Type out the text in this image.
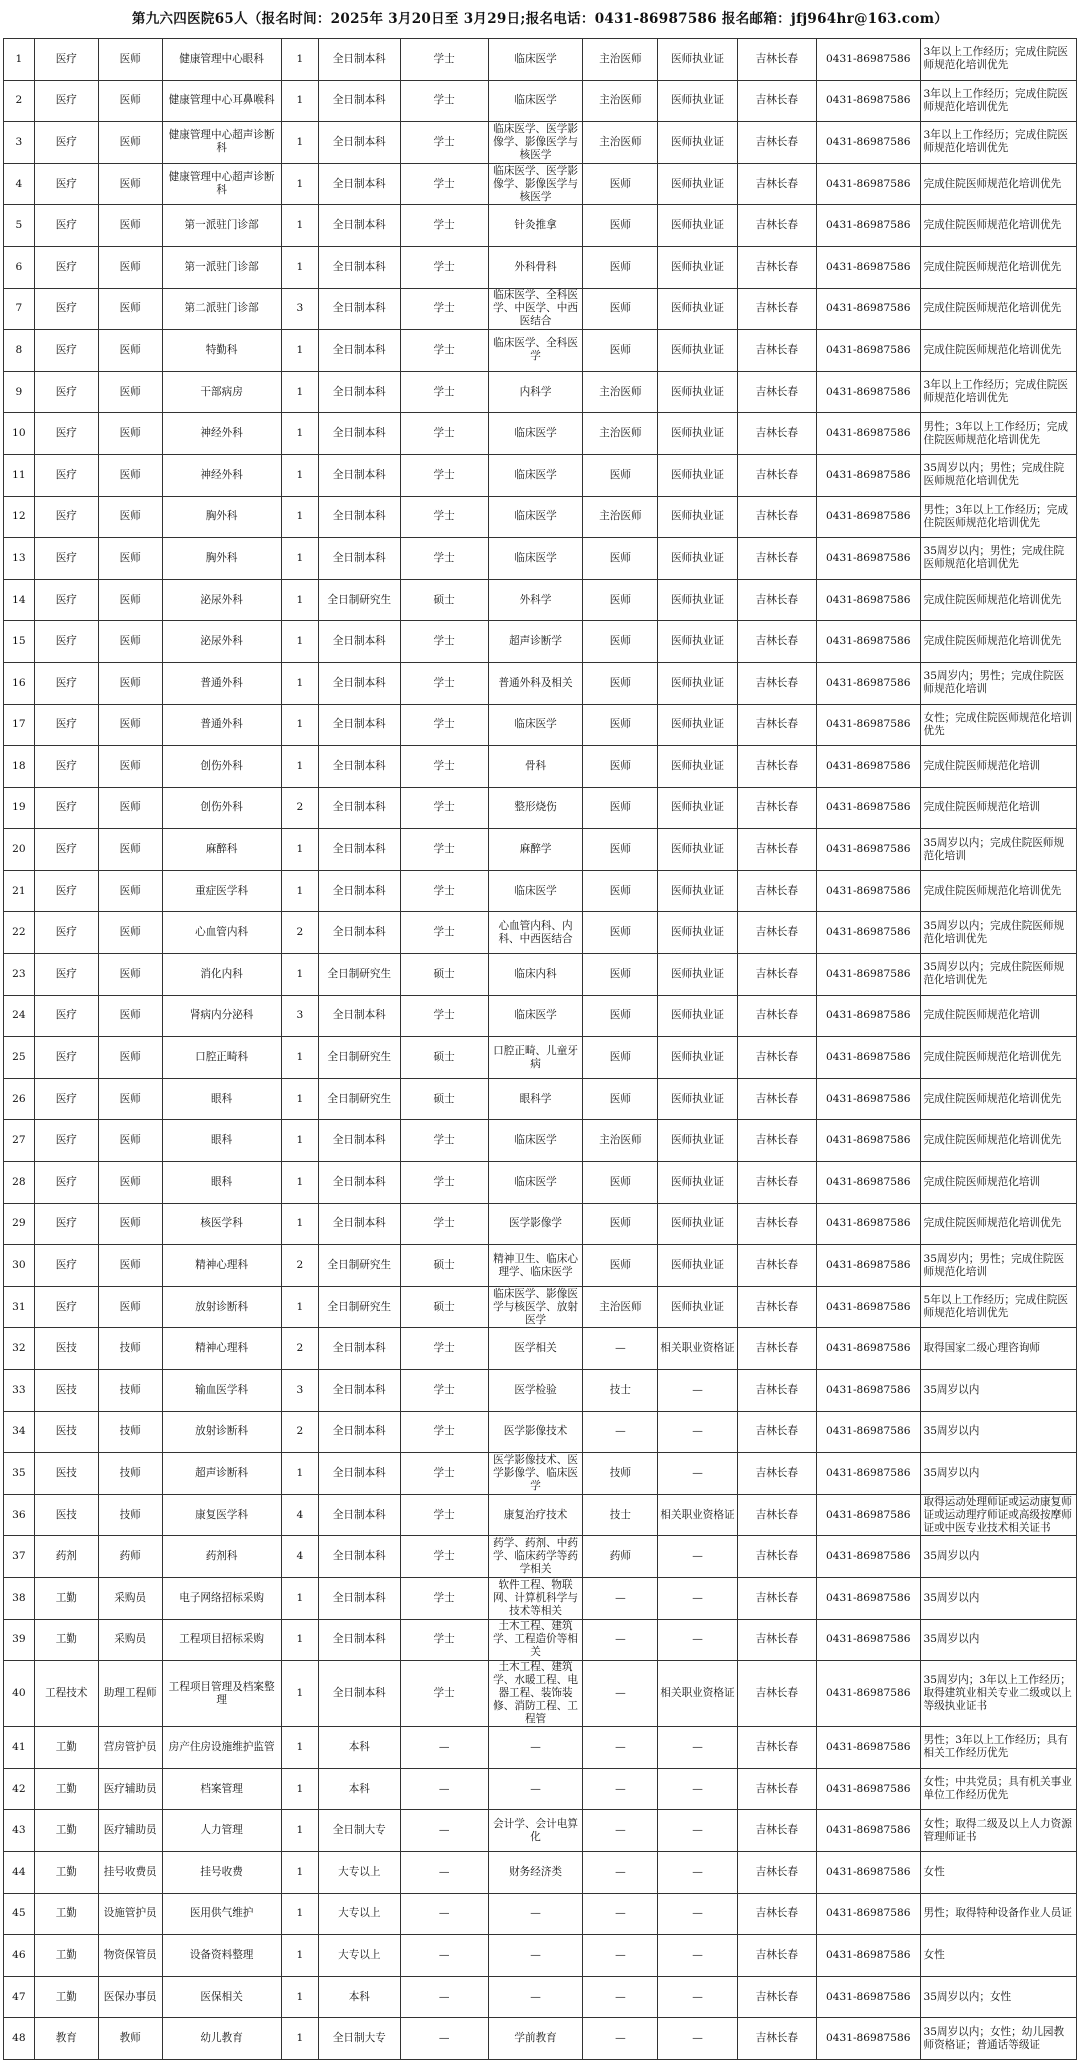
第九六四医院65人（报名时间：2025年 3月20日至 3月29日;报名电话：0431-86987586 报名邮箱：jfj964hr@163.com）
1	医疗	医师	健康管理中心眼科	1	全日制本科	学士	临床医学	主治医师	医师执业证	吉林长春	0431-86987586	3年以上工作经历；完成住院医师规范化培训优先
2	医疗	医师	健康管理中心耳鼻喉科	1	全日制本科	学士	临床医学	主治医师	医师执业证	吉林长春	0431-86987586	3年以上工作经历；完成住院医师规范化培训优先
3	医疗	医师	健康管理中心超声诊断科	1	全日制本科	学士	临床医学、医学影像学、影像医学与核医学	主治医师	医师执业证	吉林长春	0431-86987586	3年以上工作经历；完成住院医师规范化培训优先
4	医疗	医师	健康管理中心超声诊断科	1	全日制本科	学士	临床医学、医学影像学、影像医学与核医学	医师	医师执业证	吉林长春	0431-86987586	完成住院医师规范化培训优先
5	医疗	医师	第一派驻门诊部	1	全日制本科	学士	针灸推拿	医师	医师执业证	吉林长春	0431-86987586	完成住院医师规范化培训优先
6	医疗	医师	第一派驻门诊部	1	全日制本科	学士	外科骨科	医师	医师执业证	吉林长春	0431-86987586	完成住院医师规范化培训优先
7	医疗	医师	第二派驻门诊部	3	全日制本科	学士	临床医学、全科医学、中医学、中西医结合	医师	医师执业证	吉林长春	0431-86987586	完成住院医师规范化培训优先
8	医疗	医师	特勤科	1	全日制本科	学士	临床医学、全科医学	医师	医师执业证	吉林长春	0431-86987586	完成住院医师规范化培训优先
9	医疗	医师	干部病房	1	全日制本科	学士	内科学	主治医师	医师执业证	吉林长春	0431-86987586	3年以上工作经历；完成住院医师规范化培训优先
10	医疗	医师	神经外科	1	全日制本科	学士	临床医学	主治医师	医师执业证	吉林长春	0431-86987586	男性；3年以上工作经历；完成住院医师规范化培训优先
11	医疗	医师	神经外科	1	全日制本科	学士	临床医学	医师	医师执业证	吉林长春	0431-86987586	35周岁以内；男性；完成住院医师规范化培训优先
12	医疗	医师	胸外科	1	全日制本科	学士	临床医学	主治医师	医师执业证	吉林长春	0431-86987586	男性；3年以上工作经历；完成住院医师规范化培训优先
13	医疗	医师	胸外科	1	全日制本科	学士	临床医学	医师	医师执业证	吉林长春	0431-86987586	35周岁以内；男性；完成住院医师规范化培训优先
14	医疗	医师	泌尿外科	1	全日制研究生	硕士	外科学	医师	医师执业证	吉林长春	0431-86987586	完成住院医师规范化培训优先
15	医疗	医师	泌尿外科	1	全日制本科	学士	超声诊断学	医师	医师执业证	吉林长春	0431-86987586	完成住院医师规范化培训优先
16	医疗	医师	普通外科	1	全日制本科	学士	普通外科及相关	医师	医师执业证	吉林长春	0431-86987586	35周岁内；男性；完成住院医师规范化培训
17	医疗	医师	普通外科	1	全日制本科	学士	临床医学	医师	医师执业证	吉林长春	0431-86987586	女性；完成住院医师规范化培训优先
18	医疗	医师	创伤外科	1	全日制本科	学士	骨科	医师	医师执业证	吉林长春	0431-86987586	完成住院医师规范化培训
19	医疗	医师	创伤外科	2	全日制本科	学士	整形烧伤	医师	医师执业证	吉林长春	0431-86987586	完成住院医师规范化培训
20	医疗	医师	麻醉科	1	全日制本科	学士	麻醉学	医师	医师执业证	吉林长春	0431-86987586	35周岁以内；完成住院医师规范化培训
21	医疗	医师	重症医学科	1	全日制本科	学士	临床医学	医师	医师执业证	吉林长春	0431-86987586	完成住院医师规范化培训优先
22	医疗	医师	心血管内科	2	全日制本科	学士	心血管内科、内科、中西医结合	医师	医师执业证	吉林长春	0431-86987586	35周岁以内；完成住院医师规范化培训优先
23	医疗	医师	消化内科	1	全日制研究生	硕士	临床内科	医师	医师执业证	吉林长春	0431-86987586	35周岁以内；完成住院医师规范化培训优先
24	医疗	医师	肾病内分泌科	3	全日制本科	学士	临床医学	医师	医师执业证	吉林长春	0431-86987586	完成住院医师规范化培训
25	医疗	医师	口腔正畸科	1	全日制研究生	硕士	口腔正畸、儿童牙病	医师	医师执业证	吉林长春	0431-86987586	完成住院医师规范化培训优先
26	医疗	医师	眼科	1	全日制研究生	硕士	眼科学	医师	医师执业证	吉林长春	0431-86987586	完成住院医师规范化培训优先
27	医疗	医师	眼科	1	全日制本科	学士	临床医学	主治医师	医师执业证	吉林长春	0431-86987586	完成住院医师规范化培训优先
28	医疗	医师	眼科	1	全日制本科	学士	临床医学	医师	医师执业证	吉林长春	0431-86987586	完成住院医师规范化培训
29	医疗	医师	核医学科	1	全日制本科	学士	医学影像学	医师	医师执业证	吉林长春	0431-86987586	完成住院医师规范化培训优先
30	医疗	医师	精神心理科	2	全日制研究生	硕士	精神卫生、临床心理学、临床医学	医师	医师执业证	吉林长春	0431-86987586	35周岁内；男性；完成住院医师规范化培训
31	医疗	医师	放射诊断科	1	全日制研究生	硕士	临床医学、影像医学与核医学、放射医学	主治医师	医师执业证	吉林长春	0431-86987586	5年以上工作经历；完成住院医师规范化培训优先
32	医技	技师	精神心理科	2	全日制本科	学士	医学相关	—	相关职业资格证	吉林长春	0431-86987586	取得国家二级心理咨询师
33	医技	技师	输血医学科	3	全日制本科	学士	医学检验	技士	—	吉林长春	0431-86987586	35周岁以内
34	医技	技师	放射诊断科	2	全日制本科	学士	医学影像技术	—	—	吉林长春	0431-86987586	35周岁以内
35	医技	技师	超声诊断科	1	全日制本科	学士	医学影像技术、医学影像学、临床医学	技师	—	吉林长春	0431-86987586	35周岁以内
36	医技	技师	康复医学科	4	全日制本科	学士	康复治疗技术	技士	相关职业资格证	吉林长春	0431-86987586	取得运动处理师证或运动康复师证或运动理疗师证或高级按摩师证或中医专业技术相关证书
37	药剂	药师	药剂科	4	全日制本科	学士	药学、药剂、中药学、临床药学等药学相关	药师	—	吉林长春	0431-86987586	35周岁以内
38	工勤	采购员	电子网络招标采购	1	全日制本科	学士	软件工程、物联网、计算机科学与技术等相关	—	—	吉林长春	0431-86987586	35周岁以内
39	工勤	采购员	工程项目招标采购	1	全日制本科	学士	土木工程、建筑学、工程造价等相关	—	—	吉林长春	0431-86987586	35周岁以内
40	工程技术	助理工程师	工程项目管理及档案整理	1	全日制本科	学士	土木工程、建筑学、水暖工程、电器工程、装饰装修、消防工程、工程管	—	相关职业资格证	吉林长春	0431-86987586	35周岁内；3年以上工作经历；取得建筑业相关专业二级或以上等级执业证书
41	工勤	营房管护员	房产住房设施维护监管	1	本科	—	—	—	—	吉林长春	0431-86987586	男性；3年以上工作经历；具有相关工作经历优先
42	工勤	医疗辅助员	档案管理	1	本科	—	—	—	—	吉林长春	0431-86987586	女性；中共党员；具有机关事业单位工作经历优先
43	工勤	医疗辅助员	人力管理	1	全日制大专	—	会计学、会计电算化	—	—	吉林长春	0431-86987586	女性；取得二级及以上人力资源管理师证书
44	工勤	挂号收费员	挂号收费	1	大专以上	—	财务经济类	—	—	吉林长春	0431-86987586	女性
45	工勤	设施管护员	医用供气维护	1	大专以上	—	—	—	—	吉林长春	0431-86987586	男性；取得特种设备作业人员证
46	工勤	物资保管员	设备资料整理	1	大专以上	—	—	—	—	吉林长春	0431-86987586	女性
47	工勤	医保办事员	医保相关	1	本科	—	—	—	—	吉林长春	0431-86987586	35周岁以内；女性
48	教育	教师	幼儿教育	1	全日制大专	—	学前教育	—	—	吉林长春	0431-86987586	35周岁以内；女性；幼儿园教师资格证；普通话等级证
